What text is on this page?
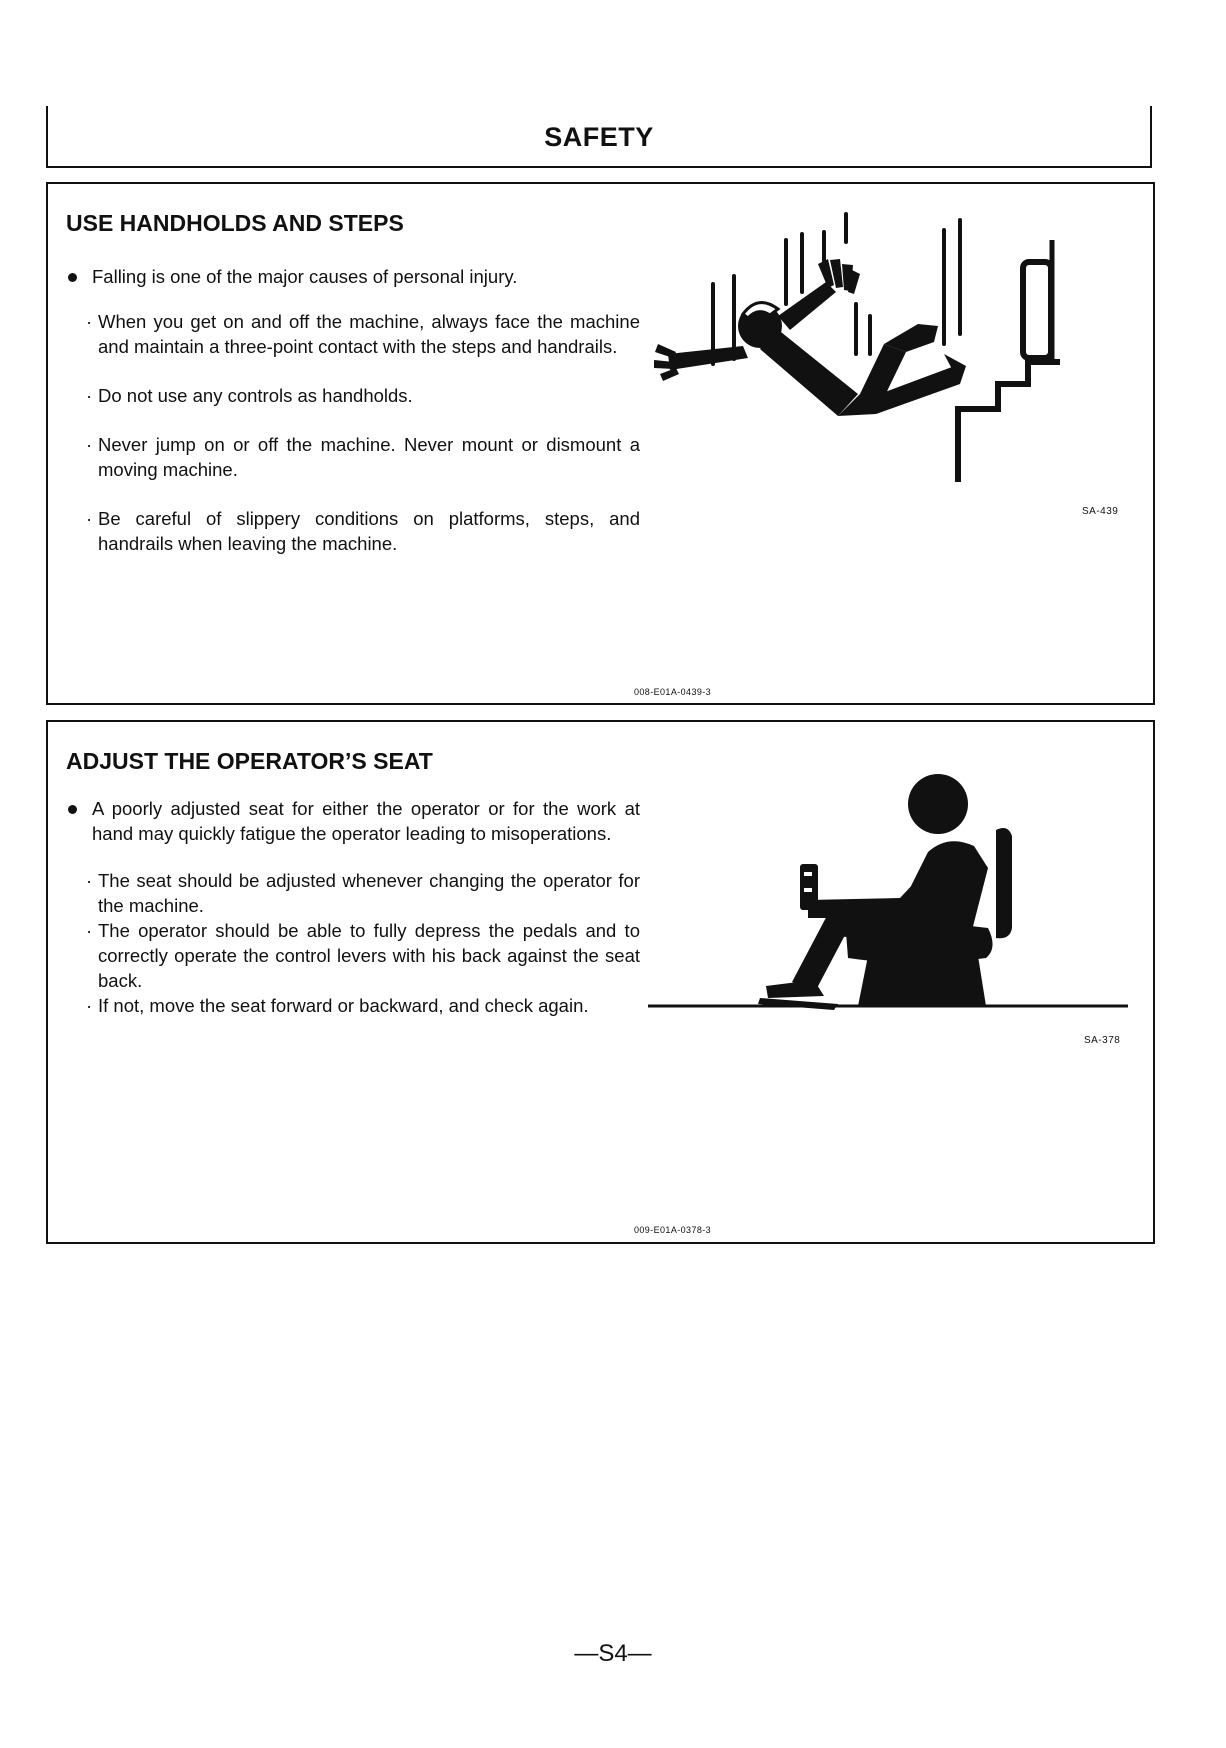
SAFETY
USE HANDHOLDS AND STEPS
Falling is one of the major causes of personal injury.
· When you get on and off the machine, always face the machine and maintain a three-point contact with the steps and handrails.
· Do not use any controls as handholds.
· Never jump on or off the machine. Never mount or dismount a moving machine.
· Be careful of slippery conditions on platforms, steps, and handrails when leaving the machine.
SA-439
008-E01A-0439-3
ADJUST THE OPERATOR’S SEAT
A poorly adjusted seat for either the operator or for the work at hand may quickly fatigue the operator leading to misoperations.
· The seat should be adjusted whenever changing the operator for the machine.
· The operator should be able to fully depress the pedals and to correctly operate the control levers with his back against the seat back.
· If not, move the seat forward or backward, and check again.
SA-378
009-E01A-0378-3
—S4—
